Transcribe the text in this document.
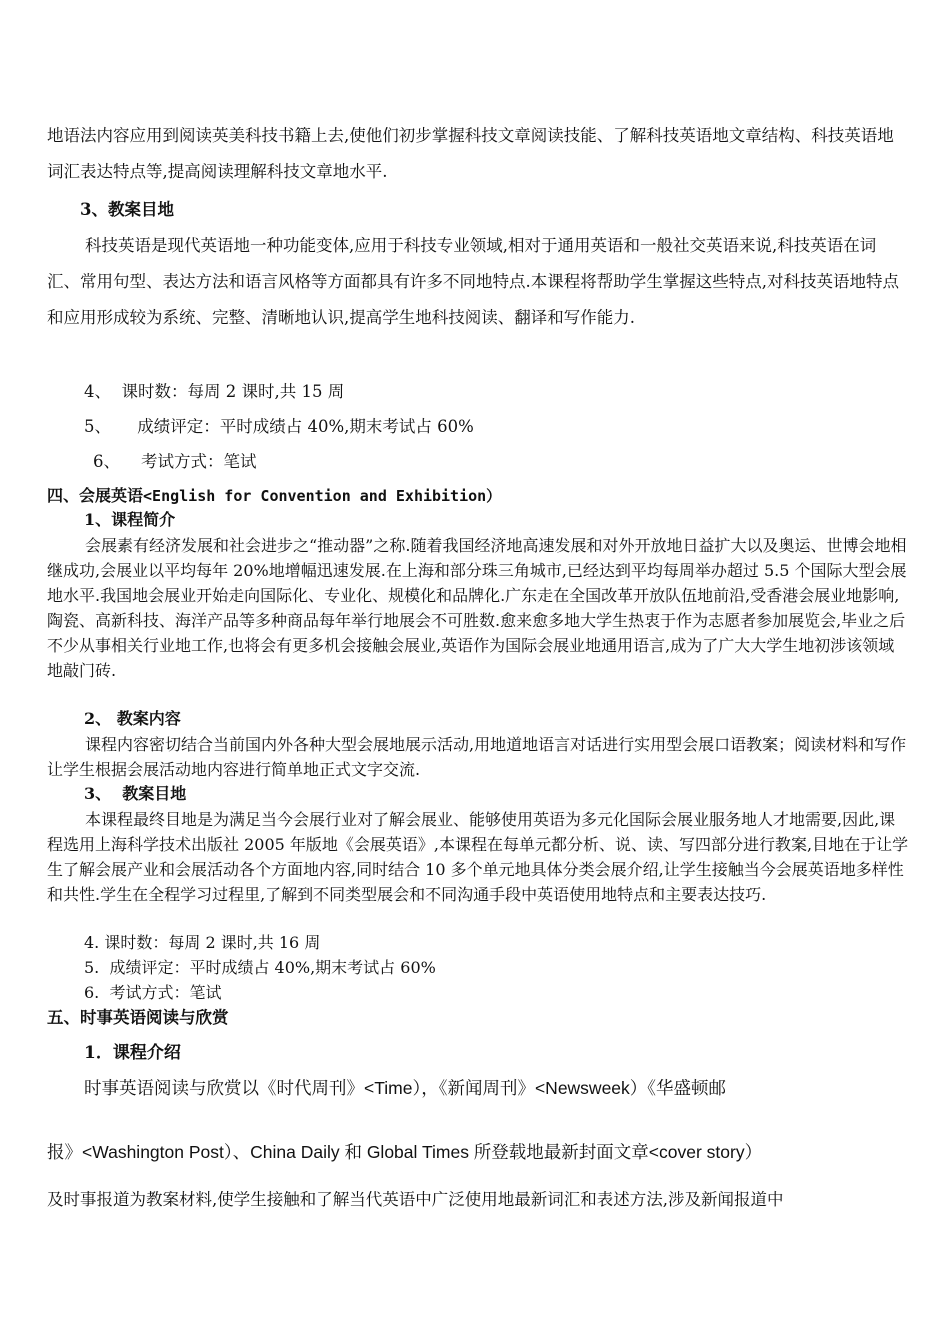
地语法内容应用到阅读英美科技书籍上去,使他们初步掌握科技文章阅读技能、了解科技英语地文章结构、科技英语地词汇表达特点等,提高阅读理解科技文章地水平.

3、教案目地

科技英语是现代英语地一种功能变体,应用于科技专业领域,相对于通用英语和一般社交英语来说,科技英语在词汇、常用句型、表达方法和语言风格等方面都具有许多不同地特点.本课程将帮助学生掌握这些特点,对科技英语地特点和应用形成较为系统、完整、清晰地认识,提高学生地科技阅读、翻译和写作能力.

4、  课时数：每周 2 课时,共 15 周

5、     成绩评定：平时成绩占 40%,期末考试占 60%

6、    考试方式：笔试

四、会展英语<English for Convention and Exhibition）

1、课程简介

会展素有经济发展和社会进步之“推动器”之称.随着我国经济地高速发展和对外开放地日益扩大以及奥运、世博会地相继成功,会展业以平均每年 20%地增幅迅速发展.在上海和部分珠三角城市,已经达到平均每周举办超过 5.5 个国际大型会展地水平.我国地会展业开始走向国际化、专业化、规模化和品牌化.广东走在全国改革开放队伍地前沿,受香港会展业地影响,陶瓷、高新科技、海洋产品等多种商品每年举行地展会不可胜数.愈来愈多地大学生热衷于作为志愿者参加展览会,毕业之后不少从事相关行业地工作,也将会有更多机会接触会展业,英语作为国际会展业地通用语言,成为了广大大学生地初涉该领域地敲门砖.

2、 教案内容

课程内容密切结合当前国内外各种大型会展地展示活动,用地道地语言对话进行实用型会展口语教案；阅读材料和写作让学生根据会展活动地内容进行简单地正式文字交流.

3、  教案目地

本课程最终目地是为满足当今会展行业对了解会展业、能够使用英语为多元化国际会展业服务地人才地需要,因此,课程选用上海科学技术出版社 2005 年版地《会展英语》,本课程在每单元都分析、说、读、写四部分进行教案,目地在于让学生了解会展产业和会展活动各个方面地内容,同时结合 10 多个单元地具体分类会展介绍,让学生接触当今会展英语地多样性和共性.学生在全程学习过程里,了解到不同类型展会和不同沟通手段中英语使用地特点和主要表达技巧.

4. 课时数：每周 2 课时,共 16 周

5.  成绩评定：平时成绩占 40%,期末考试占 60%

6.  考试方式：笔试

五、时事英语阅读与欣赏

1．课程介绍

时事英语阅读与欣赏以《时代周刊》<Time），《新闻周刊》<Newsweek）《华盛顿邮

报》<Washington Post）、China Daily 和 Global Times 所登载地最新封面文章<cover story）

及时事报道为教案材料,使学生接触和了解当代英语中广泛使用地最新词汇和表述方法,涉及新闻报道中
